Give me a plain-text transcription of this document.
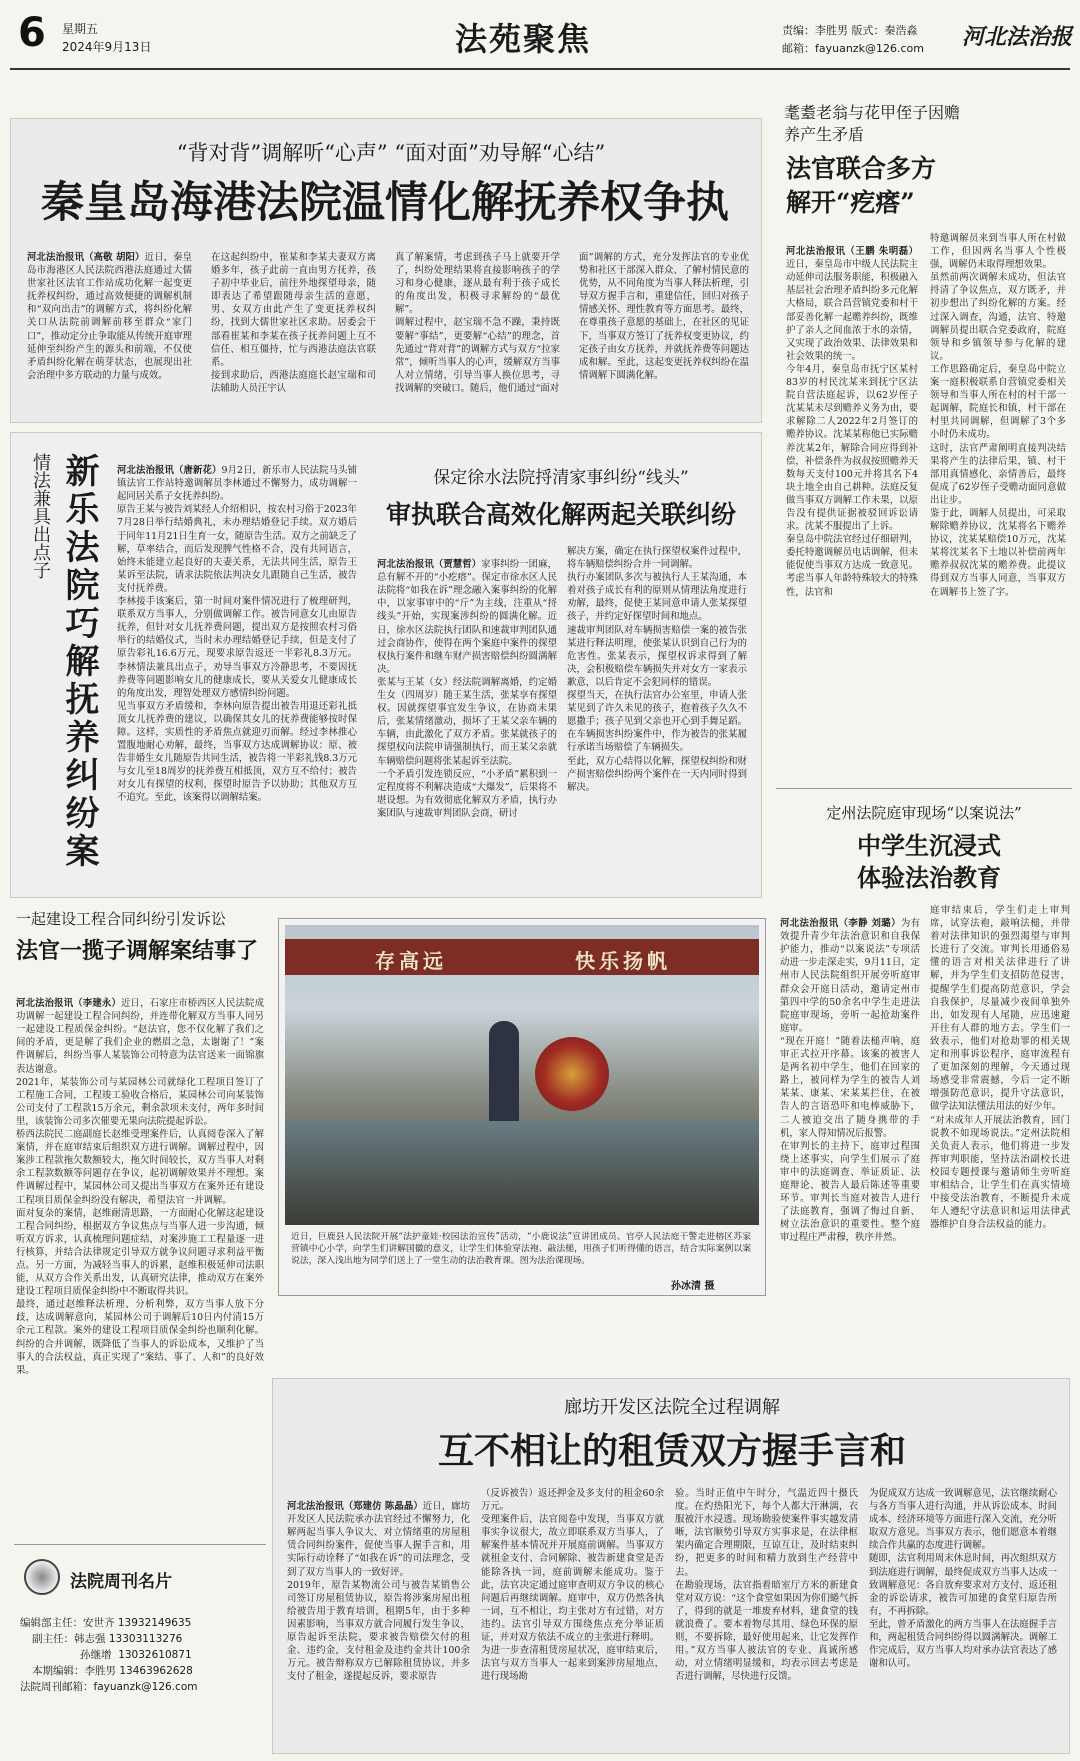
6 星期五
2024年9月13日	法苑聚焦	责编：李胜男 版式：秦浩淼
邮箱：fayuanzk@126.com 河北法治报
“背对背”调解听“心声” “面对面”劝导解“心结”
秦皇岛海港法院温情化解抚养权争执
河北法治报讯（高敬 胡阳）近日，秦皇岛市海港区人民法院西港法庭通过大儒世家社区法官工作站成功化解一起变更抚养权纠纷，通过高效便捷的调解机制和“双向出击”的调解方式，将纠纷化解关口从法院前调解前移至群众“家门口”，推动定分止争取能从传统开庭审理延伸至纠纷产生的源头和前端，不仅使矛盾纠纷化解在萌芽状态，也展现出社会治理中多方联动的力量与成效。
在这起纠纷中，崔某和李某夫妻双方离婚多年，孩子此前一直由男方抚养，孩子初中毕业后，前往外地探望母亲，随即表达了希望跟随母亲生活的意愿，男、女双方由此产生了变更抚养权纠纷，找到大儒世家社区求助。居委会干部看崔某和李某在孩子抚养问题上互不信任、相互僵持，忙与西港法庭法官联系。
接到求助后，西港法庭庭长赵宝瑞和司法辅助人员汪宇认
真了解案情，考虑到孩子马上就要开学了，纠纷处理结果将直接影响孩子的学习和身心健康，逐从最有利于孩子成长的角度出发，积极寻求解纷的“最优解”。
调解过程中，赵宝瑞不急不躁，秉持既要解“事结”，更要解“心结”的理念，首先通过“背对背”的调解方式与双方“拉家常”，倾听当事人的心声，缓解双方当事人对立情绪，引导当事人换位思考，寻找调解的突破口。随后，他们通过“面对
面”调解的方式，充分发挥法官的专业优势和社区干部深入群众、了解村情民意的优势，从不同角度为当事人释法析理，引导双方握手言和，重建信任，回归对孩子情感关怀、理性教育等方面思考。最终，在尊重孩子意愿的基础上，在社区的见证下，当事双方签订了抚养权变更协议，约定孩子由女方抚养，并就抚养费等问题达成和解。至此，这起变更抚养权纠纷在温情调解下圆满化解。
情法兼具出点子 新乐法院巧解抚养纠纷案	河北法治报讯（唐新花）9月2日，新乐市人民法院马头铺镇法官工作站特邀调解员李林通过不懈努力，成功调解一起同居关系子女抚养纠纷。
原告王某与被告刘某经人介绍相识，按农村习俗于2023年7月28日举行结婚典礼，未办理结婚登记手续。双方婚后于同年11月21日生育一女，随原告生活。双方之前缺乏了解，草率结合，而后发现脾气性格不合，没有共同语言，始终未能建立起良好的夫妻关系，无法共同生活，原告王某诉至法院，请求法院依法判决女儿跟随自己生活，被告支付抚养费。
李林接手该案后，第一时间对案件情况进行了梳理研判，联系双方当事人，分别做调解工作。被告同意女儿由原告抚养，但针对女儿抚养费问题，提出双方是按照农村习俗举行的结婚仪式，当时未办理结婚登记手续，但是支付了原告彩礼16.6万元，现要求原告返还一半彩礼8.3万元。李林情法兼具出点子，劝导当事双方冷静思考，不要因抚养费等问题影响女儿的健康成长，要从关爱女儿健康成长的角度出发，理智处理双方感情纠纷问题。
见当事双方矛盾缓和，李林向原告提出被告用退还彩礼抵顶女儿抚养费的建议，以确保其女儿的抚养费能够按时保障。这样，实质性的矛盾焦点就迎刃而解。经过李林推心置腹地耐心劝解，最终，当事双方达成调解协议：原、被告非婚生女儿随原告共同生活，被告将一半彩礼钱8.3万元与女儿至18周岁的抚养费互相抵顶，双方互不给付；被告对女儿有探望的权利，探望时原告予以协助；其他双方互不追究。至此，该案得以调解结案。

保定徐水法院捋清家事纠纷“线头”
审执联合高效化解两起关联纠纷

河北法治报讯（贾慧哲）家事纠纷一团麻，总有解不开的“小疙瘩”。保定市徐水区人民法院将“如我在诉”理念融入案事纠纷的化解中，以家事审中的“斤”为主线，注重从“捋线头”开始，实现案涉纠纷的圆满化解。近日，徐水区法院执行团队和速裁审判团队通过会商协作，使得在两个案庭中案件的探望权执行案件和继车财产损害赔偿纠纷圆满解决。
张某与王某（女）经法院调解离婚，约定婚生女（四周岁）随王某生活，张某享有探望权。因就探望事宜发生争议，在协商未果后，张某情绪激动，损坏了王某父亲车辆的车辆，由此激化了双方矛盾。张某就孩子的探望权向法院申请强制执行，而王某父亲就车辆赔偿问题将张某起诉至法院。
一个矛盾引发连锁反应，“小矛盾”累积到一定程度将不利解决造成“大爆发”，后果将不堪设想。为有效彻底化解双方矛盾，执行办案团队与速裁审判团队会商，研讨

解决方案，确定在执行探望权案件过程中，将车辆赔偿纠纷合并一同调解。
执行办案团队多次与被执行人王某沟通，本着对孩子成长有利的原则从情理法角度进行劝解，最终，促使王某同意申请人张某探望孩子，并约定好探望时间和地点。
速裁审判团队对车辆损害赔偿一案的被告张某进行释法明理，使张某认识到自己行为的危害性。张某表示，探望权诉求得到了解决，会积极赔偿车辆损失并对女方一家表示歉意，以后肯定不会犯同样的错误。
探望当天，在执行法官办公室里，申请人张某见到了许久未见的孩子，抱着孩子久久不愿撒手；孩子见到父亲也开心到手舞足蹈。在车辆损害纠纷案件中，作为被告的张某履行承诺当场赔偿了车辆损失。
至此，双方心结得以化解，探望权纠纷和财产损害赔偿纠纷两个案件在一天内同时得到解决。
耄耋老翁与花甲侄子因赡养产生矛盾
法官联合多方解开“疙瘩”

河北法治报讯（王鹏 朱明磊）近日，秦皇岛市中级人民法院主动延伸司法服务职能，积极融入基层社会治理矛盾纠纷多元化解大格局，联合昌营镇党委和村干部妥善化解一起赡养纠纷，既维护了亲人之间血浓于水的亲情，又实现了政治效果、法律效果和社会效果的统一。
今年4月，秦皇岛市抚宁区某村83岁的村民沈某来到抚宁区法院自营法庭起诉，以62岁侄子沈某某未尽到赡养义务为由，要求解除二人2022年2月签订的赡养协议。沈某某称他已实际赡养沈某2年，解除合同应得到补偿，补偿条件为叔叔按照赡养天数每天支付100元并将其名下4块土地全由自己耕种。法庭反复做当事双方调解工作未果，以原告没有提供证据被驳回诉讼请求。沈某不服提出了上诉。
秦皇岛中院法官经过仔细研判，委托特邀调解员电话调解，但未能促使当事双方达成一致意见。考虑当事人年龄特殊较大的特殊性，法官和

特邀调解员来到当事人所在村做工作，但因两名当事人个性极强，调解仍未取得理想效果。
虽然前两次调解未成功，但法官捋清了争议焦点，双方既矛，并初步想出了纠纷化解的方案。经过深入调查，沟通，法官、特邀调解员提出联合党委政府，院庭领导和乡镇领导参与化解的建议。
工作思路确定后，秦皇岛中院立案一庭积极联系自营镇党委相关领导和当事人所在村的村干部一起调解，院庭长和镇，村干部在村里共同调解，但调解了3个多小时仍未成功。
这时，法官严肃阐明直接判决结果将产生的法律后果，镇、村干部用真情感化、亲情善后，最终促成了62岁侄子受赡动面同意做出让步。
鉴于此，调解人员提出，可采取解除赡养协议，沈某将名下赡养协议，沈某某赔偿10万元，沈某某将沈某名下土地以补偿前两年赡养叔叔沈某的赡养费。此提议得到双方当事人同意，当事双方在调解书上签了字。
定州法院庭审现场“以案说法”
中学生沉浸式体验法治教育

河北法治报讯（李静 刘璐）为有效提升青少年法治意识和自我保护能力，推动“以案说法”专项活动进一步走深走实，9月11日，定州市人民法院组织开展旁听庭审群众会开庭日活动，邀请定州市第四中学的50余名中学生走进法院庭审现场，旁听一起抢劫案件庭审。
“现在开庭！”随着法槌声响，庭审正式拉开序幕。该案的被害人是两名初中学生，他们在回家的路上，被同样为学生的被告人刘某某、康某、宋某某拦住，在被告人的言语恐吓和电棒威胁下，二人被迫交出了随身携带的手机，家人得知情况后报警。
在审判长的主持下，庭审过程围绕上述事实，向学生们展示了庭审中的法庭调查、举证质证、法庭辩论、被告人最后陈述等重要环节。审判长当庭对被告人进行了法庭教育，强调了悔过自新、树立法治意识的重要性。整个庭审过程庄严肃穆，秩序井然。

庭审结束后，学生们走上审判席，试穿法袍，敲响法槌，并带着对法律知识的强烈渴望与审判长进行了交流。审判长用通俗易懂的语言对相关法律进行了讲解，并为学生们支招防范侵害，提醒学生们提高防范意识，学会自我保护，尽量减少夜间单独外出，如发现有人尾随，应迅速避开往有人群的地方去。学生们一致表示，他们对抢劫罪的相关规定和刑事诉讼程序，庭审流程有了更加深刻的理解，今天通过现场感受非常震撼，今后一定不断增强防范意识，提升守法意识，做学法知法懂法用法的好少年。
“对未成年人开展法治教育，回门说教不如现场说法。”定州法院相关负责人表示，他们将进一步发挥审判职能，坚持法治副校长进校园专题授课与邀请师生旁听庭审相结合，让学生们在真实情境中接受法治教育，不断提升未成年人遵纪守法意识和运用法律武器维护自身合法权益的能力。
一起建设工程合同纠纷引发诉讼
法官一揽子调解案结事了

河北法治报讯（李建永）近日，石家庄市桥西区人民法院成功调解一起建设工程合同纠纷，并连带化解双方当事人同另一起建设工程质保金纠纷。“赵法官，您不仅化解了我们之间的矛盾，更是解了我们企业的燃眉之急，太谢谢了！”案件调解后，纠纷当事人某装饰公司特意为法官送来一面锦旗表达谢意。
2021年，某装饰公司与某园林公司就绿化工程项目签订了工程施工合同，工程竣工验收合格后，某园林公司向某装饰公司支付了工程款15万余元，剩余款项未支付，两年多时间里，该装饰公司多次催要无果向法院提起诉讼。
桥西法院民二庭副庭长赵维受理案件后，认真阅卷深入了解案情，并在庭审结束后组织双方进行调解。调解过程中，因案涉工程款拖欠数额较大，拖欠时间较长，双方当事人对剩余工程款数额等问题存在争议，起初调解效果并不理想。案件调解过程中，某园林公司又提出当事双方在案外还有建设工程项目质保金纠纷没有解决，希望法官一并调解。
面对复杂的案情，赵维耐清思路，一方面耐心化解这起建设工程合同纠纷，根据双方争议焦点与当事人进一步沟通，倾听双方诉求，认真梳理问题症结，对案涉施工工程量逐一进行核算，并结合法律规定引导双方就争议问题寻求利益平衡点。另一方面，为减轻当事人的诉累，赵维积极延伸司法职能，从双方合作关系出发，认真研究法律，推动双方在案外建设工程项目质保金纠纷中不断取得共识。
最终，通过赵维释法析理、分析利弊，双方当事人放下分歧，达成调解意向，某园林公司于调解后10日内付清15万余元工程款。案外的建设工程项目质保金纠纷也顺利化解。纠纷的合并调解，既降低了当事人的诉讼成本，又维护了当事人的合法权益，真正实现了“案结、事了、人和”的良好效果。

存高远	快乐扬帆
近日，巨鹿县人民法院开展“法护童娃·校园法治宣传”活动，“小鹿说法”宣讲团成员、官亭人民法庭干警走进榕区苏家营镇中心小学，向学生们讲解国徽的意义，让学生们体验穿法袍、敲法槌，用孩子们听得懂的语言，结合实际案例以案说法，深入浅出地为同学们送上了一堂生动的法治教育课。图为法治课现场。
孙冰清 摄
廊坊开发区法院全过程调解
互不相让的租赁双方握手言和

河北法治报讯（郑建仿 陈晶晶）近日，廊坊开发区人民法院承办法官经过不懈努力，化解两起当事人争议大、对立情绪重的房屋租赁合同纠纷案件，促使当事人握手言和，用实际行动诠释了“如我在诉”的司法理念，受到了双方当事人的一致好评。
2019年，原告某物流公司与被告某销售公司签订房屋租赁协议，原告将涉案房屋出租给被告用于教育培训，租期5年，由于多种因素影响，当事双方就合同履行发生争议，原告起诉至法院，要求被告赔偿欠付的租金、违约金，支付租金及违约金共计100余万元。被告辩称双方已解除租赁协议，并多支付了租金，遂提起反诉，要求原告

（反诉被告）返还押金及多支付的租金60余万元。
受理案件后，法官阅卷中发现，当事双方就事实争议很大，故立即联系双方当事人，了解案件基本情况并开展庭前调解。当事双方就租金支付、合同解除、被告新建食堂是否能除各执一词，庭前调解未能成功。鉴于此，法官决定通过庭审查明双方争议的核心问题后再继续调解。庭审中，双方仍然各执一词，互不相让，均主张对方有过错，对方违约。法官引导双方围绕焦点充分举证质证，并对双方依法不成立的主张进行释明。
为进一步查清租赁房屋状况，庭审结束后，法官与双方当事人一起来到案涉房屋地点，进行现场勘
验。当时正值中午时分，气温近四十摄氏度。在灼热阳光下，每个人都大汗淋漓，衣服被汗水浸透。现场勘验使案件事实越发清晰，法官顺势引导双方实事求是，在法律框架内确定合理期限，互谅互让，及时结束纠纷，把更多的时间和精力放到生产经营中去。
在勘验现场，法官指着暗室厅方米的新建食堂对双方说：“这个食堂如果因为你们蜷气拆了，得到的就是一堆废弃材料，建食堂的钱就浪费了。要本着物尽其用、绿色环保的原则，不要拆除，最好使用起来，让它发挥作用。”双方当事人被法官的专业、真诚所感动，对立情绪明显缓和，均表示回去考虑是否进行调解，尽快进行反馈。
为促成双方达成一致调解意见，法官继续耐心与各方当事人进行沟通，并从诉讼成本、时间成本、经济环境等方面进行深入交流，充分听取双方意见。当事双方表示，他们愿意本着继续合作共赢的态度进行调解。
随即，法官利用周末休息时间，再次组织双方到法庭进行调解，最终促成双方当事人达成一致调解意见：各自放弃要求对方支付、返还租金的诉讼请求，被告可加建的食堂归原告所有，不再拆除。
至此，曾矛盾激化的两方当事人在法庭握手言和，两起租赁合同纠纷得以圆满解决。调解工作完成后，双方当事人均对承办法官表达了感谢和认可。
法院周刊名片
编辑部主任：安世齐 13932149635
副主任：韩志强 13303113276
孙继增 13032610871
本期编辑：李胜男 13463962628
法院周刊邮箱：fayuanzk@126.com
